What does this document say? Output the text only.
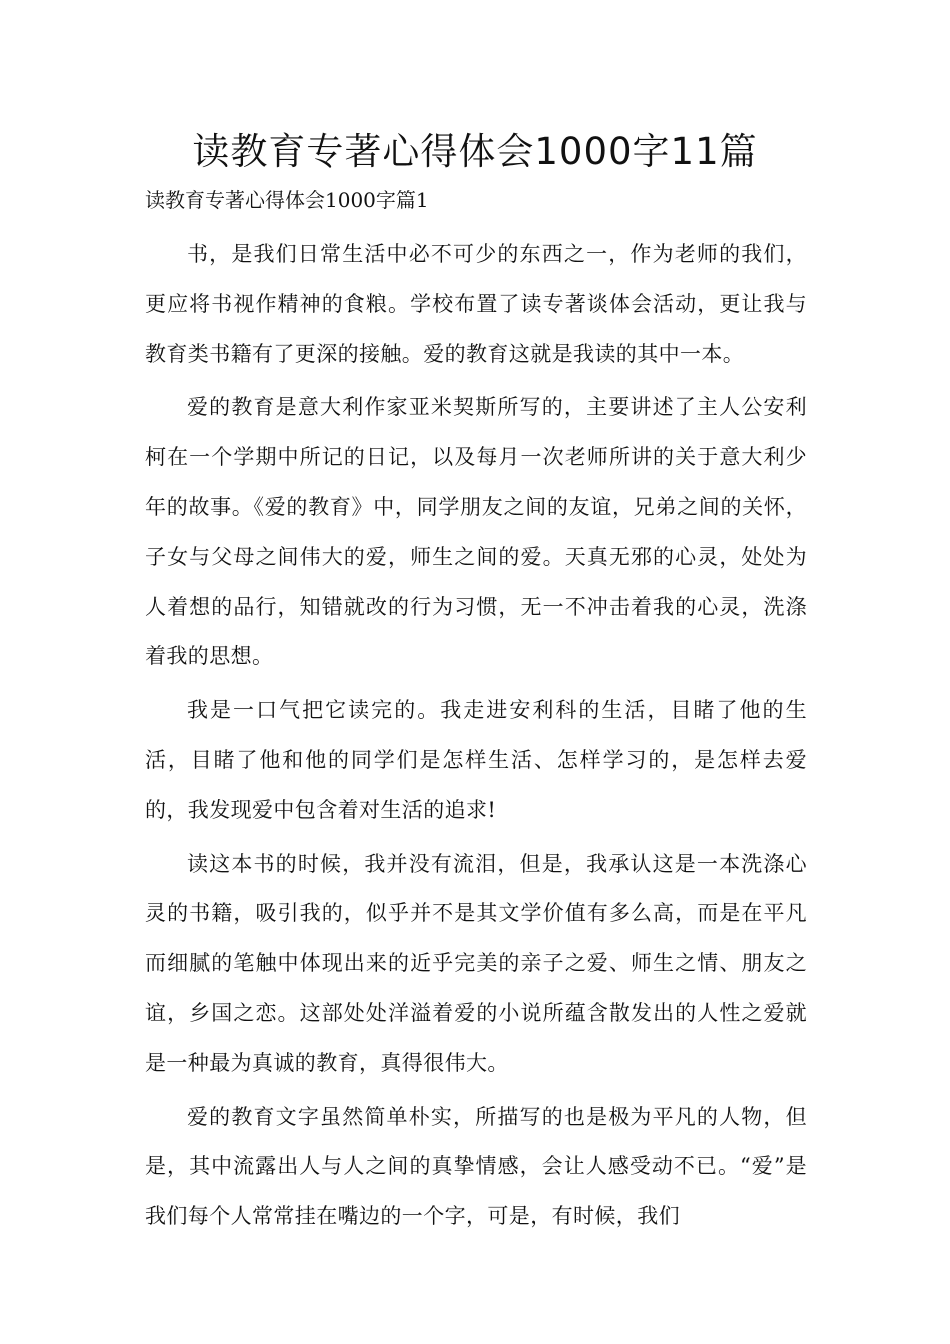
读教育专著心得体会1000字11篇
读教育专著心得体会1000字篇1

书，是我们日常生活中必不可少的东西之一，作为老师的我们，更应将书视作精神的食粮。学校布置了读专著谈体会活动，更让我与教育类书籍有了更深的接触。爱的教育这就是我读的其中一本。

爱的教育是意大利作家亚米契斯所写的，主要讲述了主人公安利柯在一个学期中所记的日记，以及每月一次老师所讲的关于意大利少年的故事。《爱的教育》中，同学朋友之间的友谊，兄弟之间的关怀，子女与父母之间伟大的爱，师生之间的爱。天真无邪的心灵，处处为人着想的品行，知错就改的行为习惯，无一不冲击着我的心灵，洗涤着我的思想。

我是一口气把它读完的。我走进安利科的生活，目睹了他的生活，目睹了他和他的同学们是怎样生活、怎样学习的，是怎样去爱的，我发现爱中包含着对生活的追求!

读这本书的时候，我并没有流泪，但是，我承认这是一本洗涤心灵的书籍，吸引我的，似乎并不是其文学价值有多么高，而是在平凡而细腻的笔触中体现出来的近乎完美的亲子之爱、师生之情、朋友之谊，乡国之恋。这部处处洋溢着爱的小说所蕴含散发出的人性之爱就是一种最为真诚的教育，真得很伟大。

爱的教育文字虽然简单朴实，所描写的也是极为平凡的人物，但是，其中流露出人与人之间的真挚情感，会让人感受动不已。“爱”是我们每个人常常挂在嘴边的一个字，可是，有时候，我们
